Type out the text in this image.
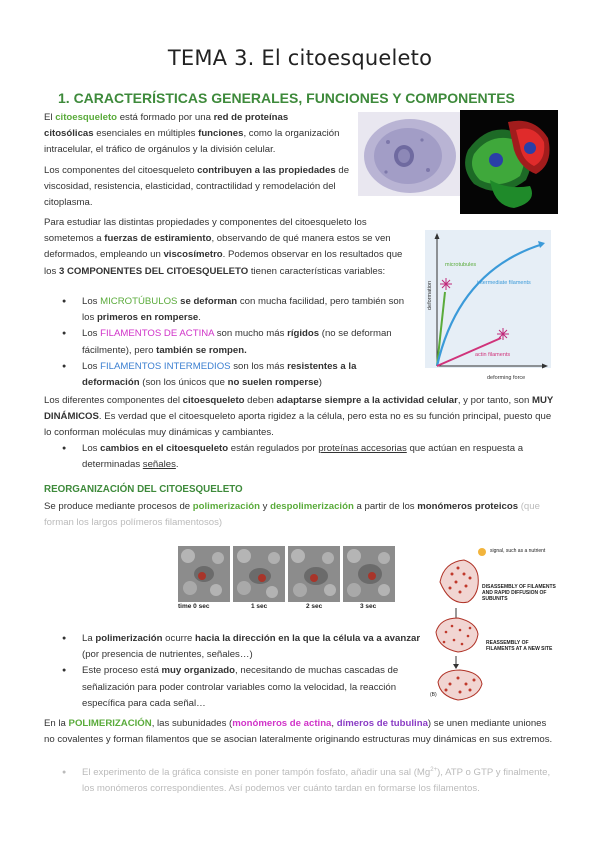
TEMA 3. El citoesqueleto
1. CARACTERÍSTICAS GENERALES, FUNCIONES Y COMPONENTES

El citoesqueleto está formado por una red de proteínas
citosólicas esenciales en múltiples funciones, como la organización intracelular, el tráfico de orgánulos y la división celular.

Los componentes del citoesqueleto contribuyen a las propiedades de viscosidad, resistencia, elasticidad, contractilidad y remodelación del citoplasma.

Para estudiar las distintas propiedades y componentes del citoesqueleto los sometemos a fuerzas de estiramiento, observando de qué manera estos se ven deformados, empleando un viscosímetro. Podemos observar en los resultados que los 3 COMPONENTES DEL CITOESQUELETO tienen características variables:

deformation
deforming force
microtubules
intermediate filaments
actin filaments
● Los MICROTÚBULOS se deforman con mucha facilidad, pero también son los primeros en romperse.
● Los FILAMENTOS DE ACTINA son mucho más rígidos (no se deforman fácilmente), pero también se rompen.
● Los FILAMENTOS INTERMEDIOS son los más resistentes a la deformación (son los únicos que no suelen romperse)

Los diferentes componentes del citoesqueleto deben adaptarse siempre a la actividad celular, y por tanto, son MUY DINÁMICOS. Es verdad que el citoesqueleto aporta rigidez a la célula, pero esta no es su función principal, puesto que lo conforman moléculas muy dinámicas y cambiantes.

● Los cambios en el citoesqueleto están regulados por proteínas accesorias que actúan en respuesta a determinadas señales.
REORGANIZACIÓN DEL CITOESQUELETO

Se produce mediante procesos de polimerización y despolimerización a partir de los monómeros proteicos (que forman los largos polímeros filamentosos)

time 0 sec	1 sec	2 sec	3 sec
signal, such as a nutrient
DISASSEMBLY OF FILAMENTS AND RAPID DIFFUSION OF SUBUNITS
REASSEMBLY OF FILAMENTS AT A NEW SITE
(B)
● La polimerización ocurre hacia la dirección en la que la célula va a avanzar (por presencia de nutrientes, señales…)
● Este proceso está muy organizado, necesitando de muchas cascadas de señalización para poder controlar variables como la velocidad, la reacción específica para cada señal…

En la POLIMERIZACIÓN, las subunidades (monómeros de actina, dímeros de tubulina) se unen mediante uniones no covalentes y forman filamentos que se asocian lateralmente originando estructuras muy dinámicas en sus extremos.

● El experimento de la gráfica consiste en poner tampón fosfato, añadir una sal $(Mg^{2+})$, ATP o GTP y finalmente, los monómeros correspondientes. Así podemos ver cuánto tardan en formarse los filamentos.
